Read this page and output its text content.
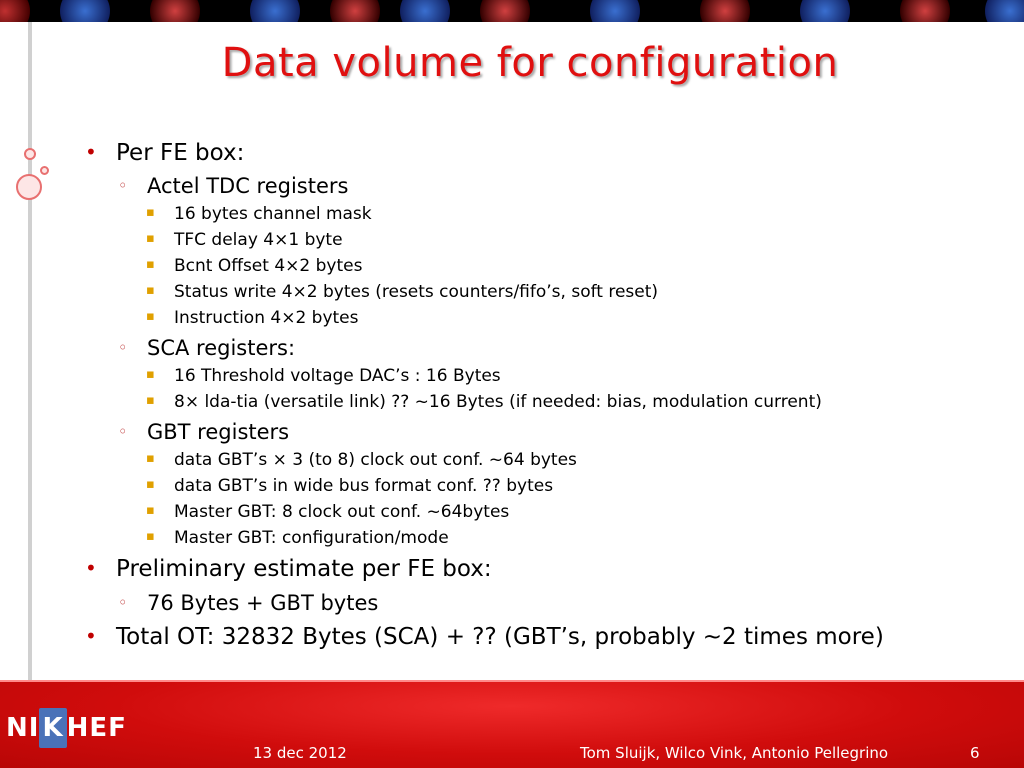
Data volume for configuration
• Per FE box:
◦ Actel TDC registers
▪ 16 bytes channel mask
▪ TFC delay 4×1 byte
▪ Bcnt Offset 4×2 bytes
▪ Status write 4×2 bytes (resets counters/fifo’s, soft reset)
▪ Instruction 4×2 bytes
◦ SCA registers:
▪ 16 Threshold voltage DAC’s : 16 Bytes
▪ 8× lda-tia (versatile link) ?? ~16 Bytes (if needed: bias, modulation current)
◦ GBT registers
▪ data GBT’s × 3 (to 8) clock out conf. ~64 bytes
▪ data GBT’s in wide bus format conf. ?? bytes
▪ Master GBT: 8 clock out conf. ~64bytes
▪ Master GBT: configuration/mode
• Preliminary estimate per FE box:
◦ 76 Bytes + GBT bytes
• Total OT: 32832 Bytes (SCA) + ?? (GBT’s, probably ~2 times more)
NI K HEF
13 dec 2012	Tom Sluijk, Wilco Vink, Antonio Pellegrino	6
